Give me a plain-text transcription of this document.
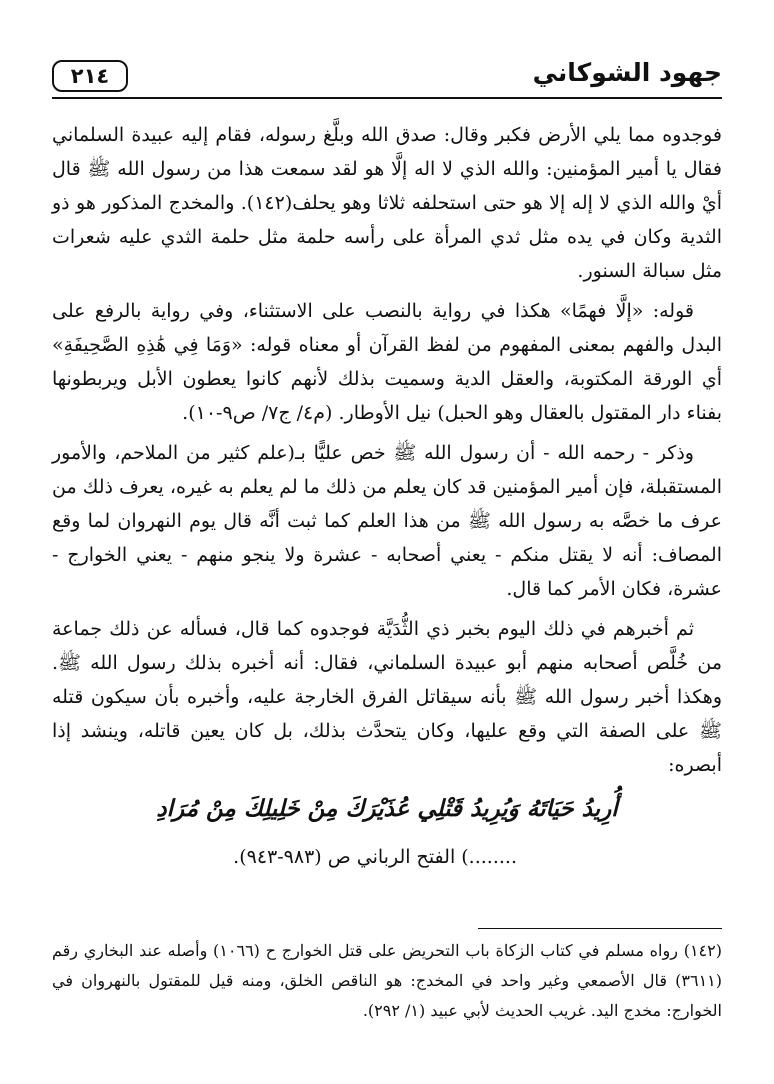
جهود الشوكاني
٢١٤

فوجدوه مما يلي الأرض فكبر وقال: صدق الله وبلَّغ رسوله، فقام إليه عبيدة السلماني فقال يا أمير المؤمنين: والله الذي لا اله إلَّا هو لقد سمعت هذا من رسول الله ﷺ قال أيْ والله الذي لا إله إلا هو حتى استحلفه ثلاثا وهو يحلف(١٤٢). والمخدج المذكور هو ذو الثدية وكان في يده مثل ثدي المرأة على رأسه حلمة مثل حلمة الثدي عليه شعرات مثل سبالة السنور.

قوله: «إلَّا فهمًا» هكذا في رواية بالنصب على الاستثناء، وفي رواية بالرفع على البدل والفهم بمعنى المفهوم من لفظ القرآن أو معناه قوله: «وَمَا فِي هَٰذِهِ الصَّحِيفَةِ» أي الورقة المكتوبة، والعقل الدية وسميت بذلك لأنهم كانوا يعطون الأبل ويربطونها بفناء دار المقتول بالعقال وهو الحبل) نيل الأوطار. (م٤/ ج٧/ ص٩-١٠).

وذكر - رحمه الله - أن رسول الله ﷺ خص عليًّا بـ(علم كثير من الملاحم، والأمور المستقبلة، فإن أمير المؤمنين قد كان يعلم من ذلك ما لم يعلم به غيره، يعرف ذلك من عرف ما خصَّه به رسول الله ﷺ من هذا العلم كما ثبت أنَّه قال يوم النهروان لما وقع المصاف: أنه لا يقتل منكم - يعني أصحابه - عشرة ولا ينجو منهم - يعني الخوارج - عشرة، فكان الأمر كما قال.

ثم أخبرهم في ذلك اليوم بخبر ذي الثُّدَيَّة فوجدوه كما قال، فسأله عن ذلك جماعة من خُلَّص أصحابه منهم أبو عبيدة السلماني، فقال: أنه أخبره بذلك رسول الله ﷺ. وهكذا أخبر رسول الله ﷺ بأنه سيقاتل الفرق الخارجة عليه، وأخبره بأن سيكون قتله ﷺ على الصفة التي وقع عليها، وكان يتحدَّث بذلك، بل كان يعين قاتله، وينشد إذا أبصره:

أُرِيدُ حَيَاتَهُ وَيُرِيدُ قَتْلِي عُذَيْرَكَ مِنْ خَلِيلِكَ مِنْ مُرَادِ
........) الفتح الرباني ص (٩٨٣-٩٤٣).

(١٤٢) رواه مسلم في كتاب الزكاة باب التحريض على قتل الخوارج ح (١٠٦٦) وأصله عند البخاري رقم (٣٦١١) قال الأصمعي وغير واحد في المخدج: هو الناقص الخلق، ومنه قيل للمقتول بالنهروان في الخوارج: مخدج اليد. غريب الحديث لأبي عبيد (١/ ٢٩٢).
